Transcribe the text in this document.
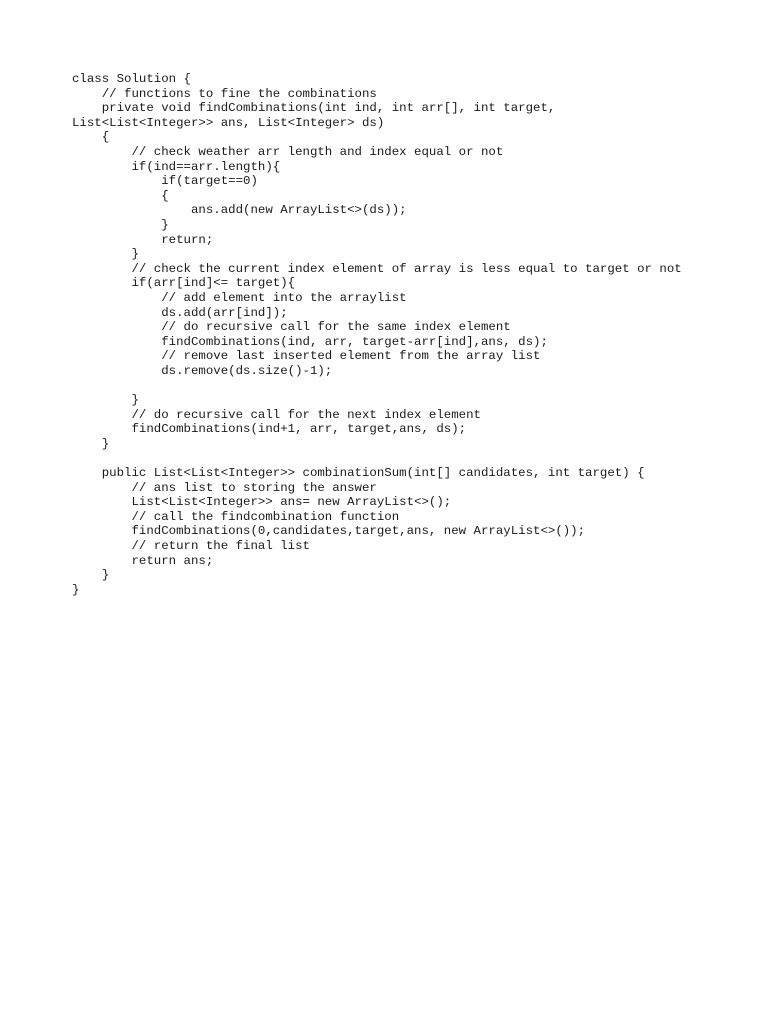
class Solution {
// functions to fine the combinations
private void findCombinations(int ind, int arr[], int target,
List<List<Integer>> ans, List<Integer> ds)
{
// check weather arr length and index equal or not
if(ind==arr.length){
if(target==0)
{
ans.add(new ArrayList<>(ds));
}
return;
}
// check the current index element of array is less equal to target or not
if(arr[ind]<= target){
// add element into the arraylist
ds.add(arr[ind]);
// do recursive call for the same index element
findCombinations(ind, arr, target-arr[ind],ans, ds);
// remove last inserted element from the array list
ds.remove(ds.size()-1);
}
// do recursive call for the next index element
findCombinations(ind+1, arr, target,ans, ds);
}
public List<List<Integer>> combinationSum(int[] candidates, int target) {
// ans list to storing the answer
List<List<Integer>> ans= new ArrayList<>();
// call the findcombination function
findCombinations(0,candidates,target,ans, new ArrayList<>());
// return the final list
return ans;
}
}
